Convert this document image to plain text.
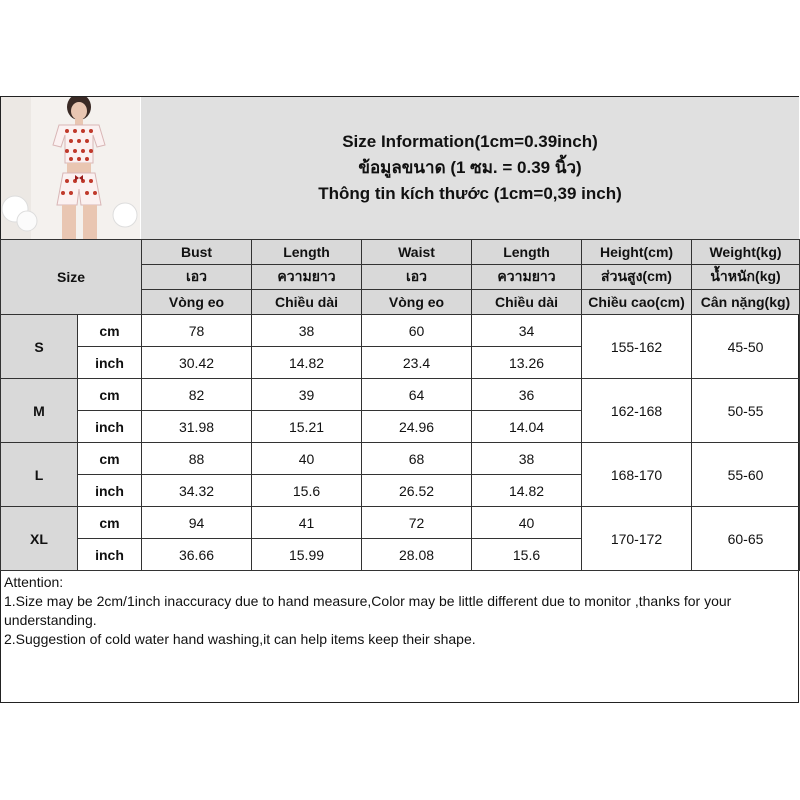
Size Information(1cm=0.39inch)
ข้อมูลขนาด (1 ซม. = 0.39 นิ้ว)
Thông tin kích thước (1cm=0,39 inch)
Size		Bust	Length	Waist	Length	Height(cm)	Weight(kg)
		เอว	ความยาว	เอว	ความยาว	ส่วนสูง(cm)	น้ำหนัก(kg)
		Vòng eo	Chiều dài	Vòng eo	Chiều dài	Chiều cao(cm)	Cân nặng(kg)
S	cm	78	38	60	34	155-162	45-50
	inch	30.42	14.82	23.4	13.26		
M	cm	82	39	64	36	162-168	50-55
	inch	31.98	15.21	24.96	14.04		
L	cm	88	40	68	38	168-170	55-60
	inch	34.32	15.6	26.52	14.82		
XL	cm	94	41	72	40	170-172	60-65
	inch	36.66	15.99	28.08	15.6		

Attention:

1.Size may be 2cm/1inch inaccuracy due to hand measure,Color may be little different due to monitor ,thanks for your understanding.

2.Suggestion of cold water hand washing,it can help items keep their shape.
